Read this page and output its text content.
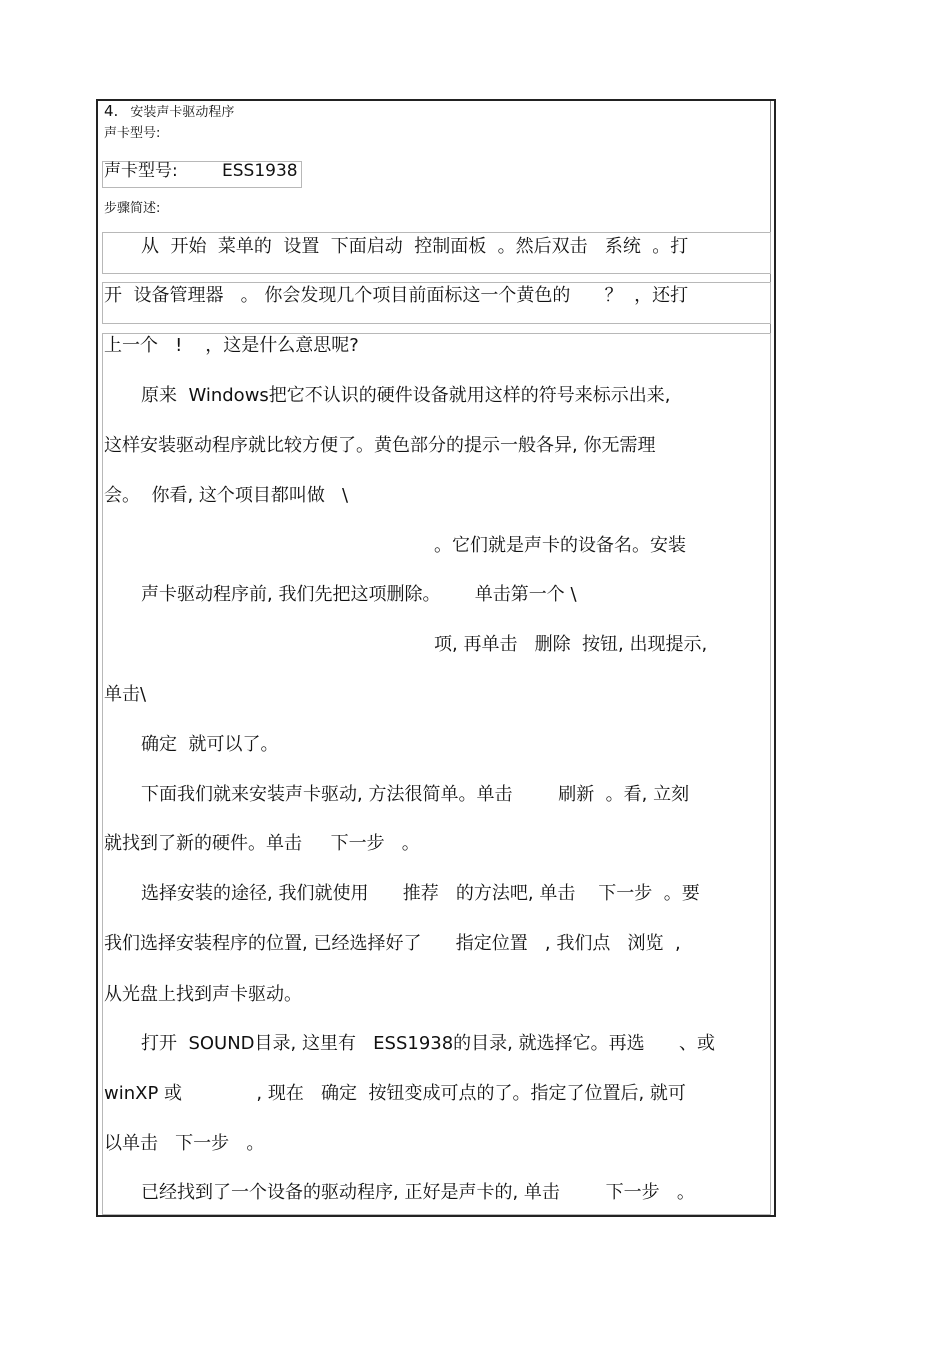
4. 安装声卡驱动程序
声卡型号:
声卡型号:	ESS1938
步骤简述:
从  开始  菜单的  设置  下面启动  控制面板  。然后双击   系统  。打
开  设备管理器   。 你会发现几个项目前面标这一个黄色的      ？  ，还打
上一个   !    ，这是什么意思呢?
原来  Windows把它不认识的硬件设备就用这样的符号来标示出来,
这样安装驱动程序就比较方便了。黄色部分的提示一般各异, 你无需理
会。  你看, 这个项目都叫做   \
。它们就是声卡的设备名。安装
声卡驱动程序前, 我们先把这项删除。      单击第一个 \
项, 再单击   删除  按钮, 出现提示,
单击\
确定  就可以了。
下面我们就来安装声卡驱动, 方法很简单。单击        刷新  。看, 立刻
就找到了新的硬件。单击     下一步   。
选择安装的途径, 我们就使用      推荐   的方法吧, 单击    下一步  。要
我们选择安装程序的位置, 已经选择好了      指定位置   , 我们点   浏览  ,
从光盘上找到声卡驱动。
打开  SOUND目录, 这里有   ESS1938的目录, 就选择它。再选      、或
winXP 或             , 现在   确定  按钮变成可点的了。指定了位置后, 就可
以单击   下一步   。
已经找到了一个设备的驱动程序, 正好是声卡的, 单击        下一步   。
